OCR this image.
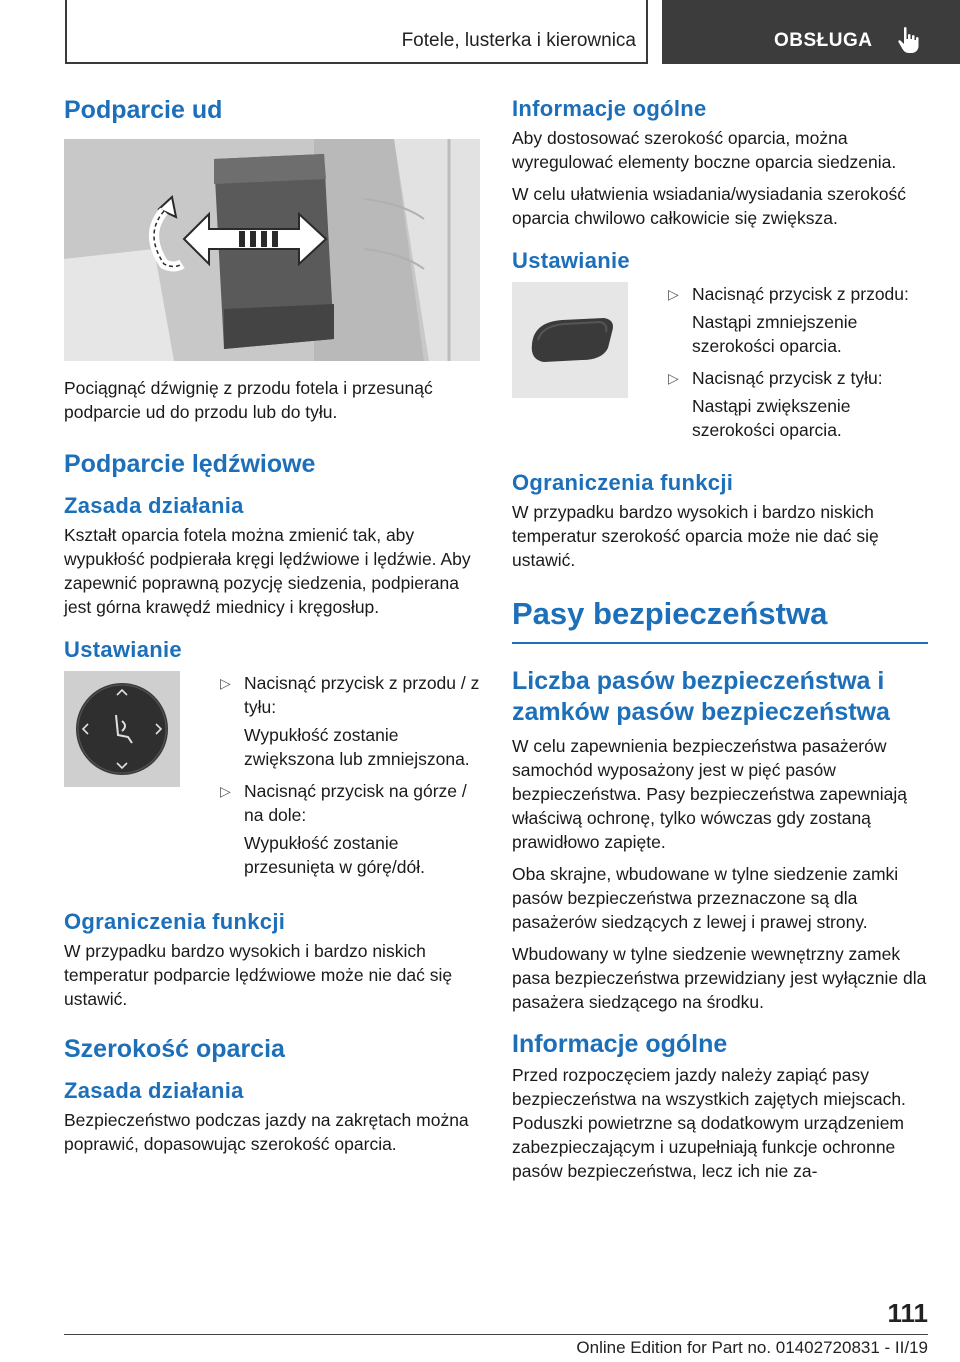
Fotele, lusterka i kierownica	OBSŁUGA
Podparcie ud

Pociągnąć dźwignię z przodu fotela i przesunąć podparcie ud do przodu lub do tyłu.

Podparcie lędźwiowe
Zasada działania

Kształt oparcia fotela można zmienić tak, aby wypukłość podpierała kręgi lędźwiowe i lędźwie. Aby zapewnić poprawną pozycję siedzenia, podpierana jest górna krawędź miednicy i kręgosłup.

Ustawianie
▷ Nacisnąć przycisk z przodu / z tyłu:
Wypukłość zostanie zwiększona lub zmniejszona.
▷ Nacisnąć przycisk na górze / na dole:
Wypukłość zostanie przesunięta w górę/dół.
Ograniczenia funkcji

W przypadku bardzo wysokich i bardzo niskich temperatur podparcie lędźwiowe może nie dać się ustawić.

Szerokość oparcia
Zasada działania

Bezpieczeństwo podczas jazdy na zakrętach można poprawić, dopasowując szerokość oparcia.

Informacje ogólne

Aby dostosować szerokość oparcia, można wyregulować elementy boczne oparcia siedzenia.

W celu ułatwienia wsiadania/wysiadania szerokość oparcia chwilowo całkowicie się zwiększa.

Ustawianie
▷ Nacisnąć przycisk z przodu:
Nastąpi zmniejszenie szerokości oparcia.
▷ Nacisnąć przycisk z tyłu:
Nastąpi zwiększenie szerokości oparcia.
Ograniczenia funkcji

W przypadku bardzo wysokich i bardzo niskich temperatur szerokość oparcia może nie dać się ustawić.

Pasy bezpieczeństwa
Liczba pasów bezpieczeństwa i zamków pasów bezpieczeństwa

W celu zapewnienia bezpieczeństwa pasażerów samochód wyposażony jest w pięć pasów bezpieczeństwa. Pasy bezpieczeństwa zapewniają właściwą ochronę, tylko wówczas gdy zostaną prawidłowo zapięte.

Oba skrajne, wbudowane w tylne siedzenie zamki pasów bezpieczeństwa przeznaczone są dla pasażerów siedzących z lewej i prawej strony.

Wbudowany w tylne siedzenie wewnętrzny zamek pasa bezpieczeństwa przewidziany jest wyłącznie dla pasażera siedzącego na środku.

Informacje ogólne

Przed rozpoczęciem jazdy należy zapiąć pasy bezpieczeństwa na wszystkich zajętych miejscach. Poduszki powietrzne są dodatkowym urządzeniem zabezpieczającym i uzupełniają funkcje ochronne pasów bezpieczeństwa, lecz ich nie za-

111
Online Edition for Part no. 01402720831 - II/19
